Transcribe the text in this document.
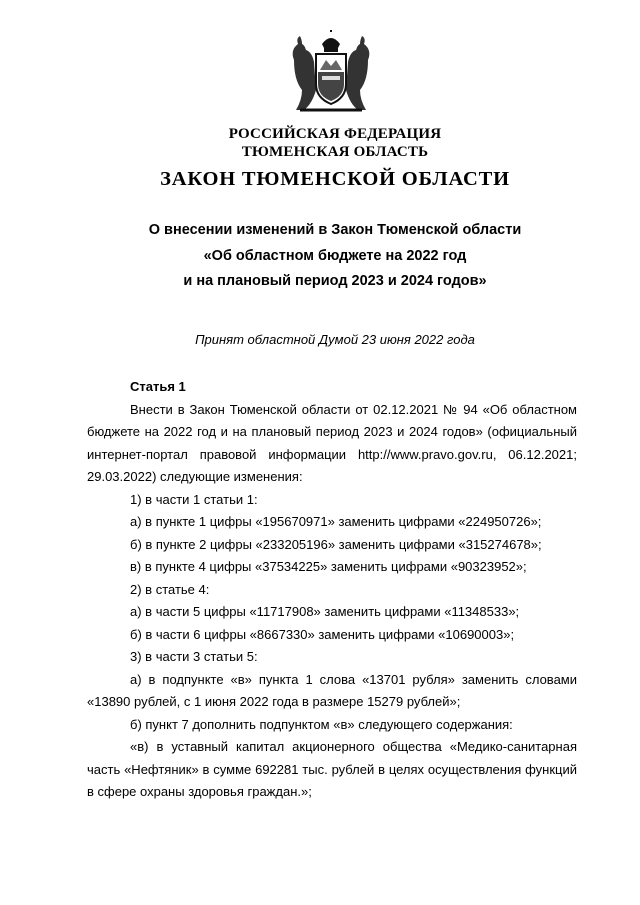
РОССИЙСКАЯ ФЕДЕРАЦИЯ
ТЮМЕНСКАЯ ОБЛАСТЬ
ЗАКОН ТЮМЕНСКОЙ ОБЛАСТИ
О внесении изменений в Закон Тюменской области
«Об областном бюджете на 2022 год
и на плановый период 2023 и 2024 годов»
Принят областной Думой 23 июня 2022 года
Статья 1

Внести в Закон Тюменской области от 02.12.2021 № 94 «Об областном бюджете на 2022 год и на плановый период 2023 и 2024 годов» (официальный интернет-портал правовой информации http://www.pravo.gov.ru, 06.12.2021; 29.03.2022) следующие изменения:

1) в части 1 статьи 1:

а) в пункте 1 цифры «195670971» заменить цифрами «224950726»;

б) в пункте 2 цифры «233205196» заменить цифрами «315274678»;

в) в пункте 4 цифры «37534225» заменить цифрами «90323952»;

2) в статье 4:

а) в части 5 цифры «11717908» заменить цифрами «11348533»;

б) в части 6 цифры «8667330» заменить цифрами «10690003»;

3) в части 3 статьи 5:

а) в подпункте «в» пункта 1 слова «13701 рубля» заменить словами «13890 рублей, с 1 июня 2022 года в размере 15279 рублей»;

б) пункт 7 дополнить подпунктом «в» следующего содержания:

«в) в уставный капитал акционерного общества «Медико-санитарная часть «Нефтяник» в сумме 692281 тыс. рублей в целях осуществления функций в сфере охраны здоровья граждан.»;
